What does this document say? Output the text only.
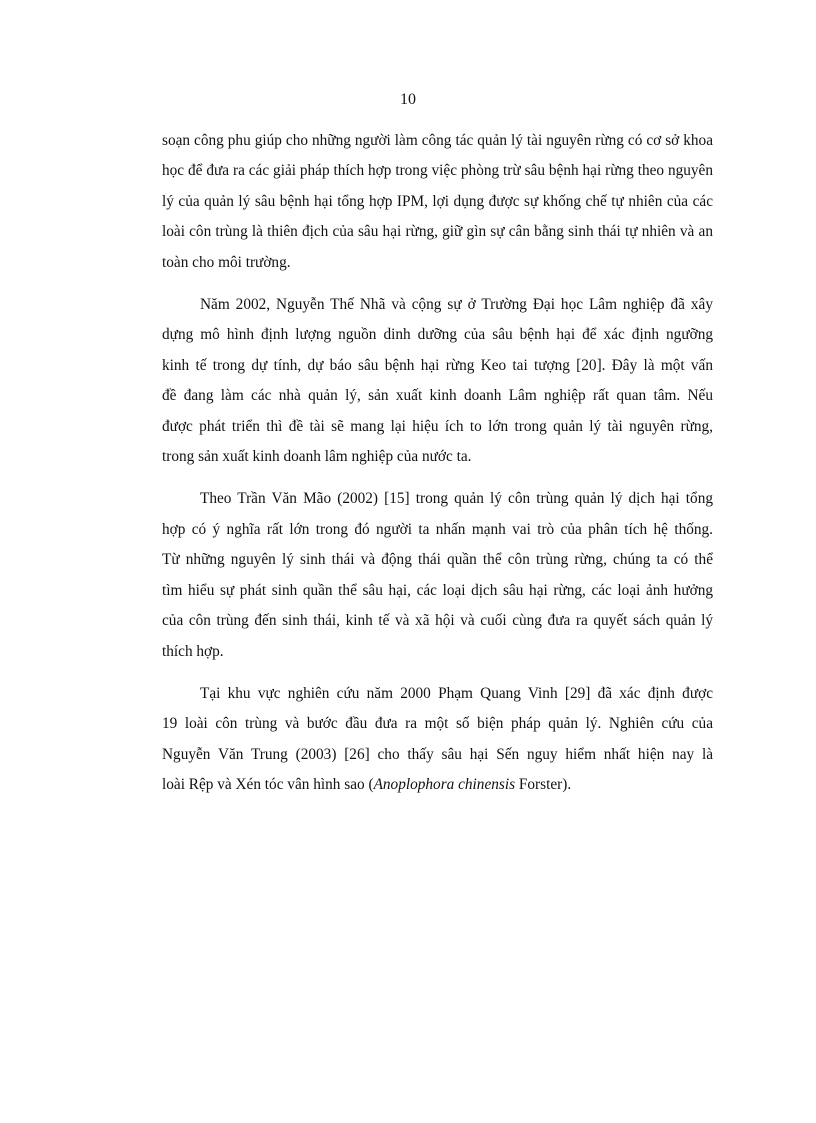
10
soạn công phu giúp cho những người làm công tác quản lý tài nguyên rừng có cơ sở khoa
học để đưa ra các giải pháp thích hợp trong việc phòng trừ sâu bệnh hại rừng theo nguyên
lý của quản lý sâu bệnh hại tổng hợp IPM, lợi dụng được sự khống chế tự nhiên của các
loài côn trùng là thiên địch của sâu hại rừng, giữ gìn sự cân bằng sinh thái tự nhiên và an
toàn cho môi trường.
Năm 2002, Nguyễn Thế Nhã và cộng sự ở Trường Đại học Lâm nghiệp đã xây
dựng mô hình định lượng nguồn dinh dưỡng của sâu bệnh hại để xác định ngưỡng
kinh tế trong dự tính, dự báo sâu bệnh hại rừng Keo tai tượng [20]. Đây là một vấn
đề đang làm các nhà quản lý, sản xuất kinh doanh Lâm nghiệp rất quan tâm. Nếu
được phát triển thì đề tài sẽ mang lại hiệu ích to lớn trong quản lý tài nguyên rừng,
trong sản xuất kinh doanh lâm nghiệp của nước ta.
Theo Trần Văn Mão (2002) [15] trong quản lý côn trùng quản lý dịch hại tổng
hợp có ý nghĩa rất lớn trong đó người ta nhấn mạnh vai trò của phân tích hệ thống.
Từ những nguyên lý sinh thái và động thái quần thể côn trùng rừng, chúng ta có thể
tìm hiểu sự phát sinh quần thể sâu hại, các loại dịch sâu hại rừng, các loại ảnh hưởng
của côn trùng đến sinh thái, kinh tế và xã hội và cuối cùng đưa ra quyết sách quản lý
thích hợp.
Tại khu vực nghiên cứu năm 2000 Phạm Quang Vinh [29] đã xác định được
19 loài côn trùng và bước đầu đưa ra một số biện pháp quản lý. Nghiên cứu của
Nguyễn Văn Trung (2003) [26] cho thấy sâu hại Sến nguy hiểm nhất hiện nay là
loài Rệp và Xén tóc vân hình sao (Anoplophora chinensis Forster).
